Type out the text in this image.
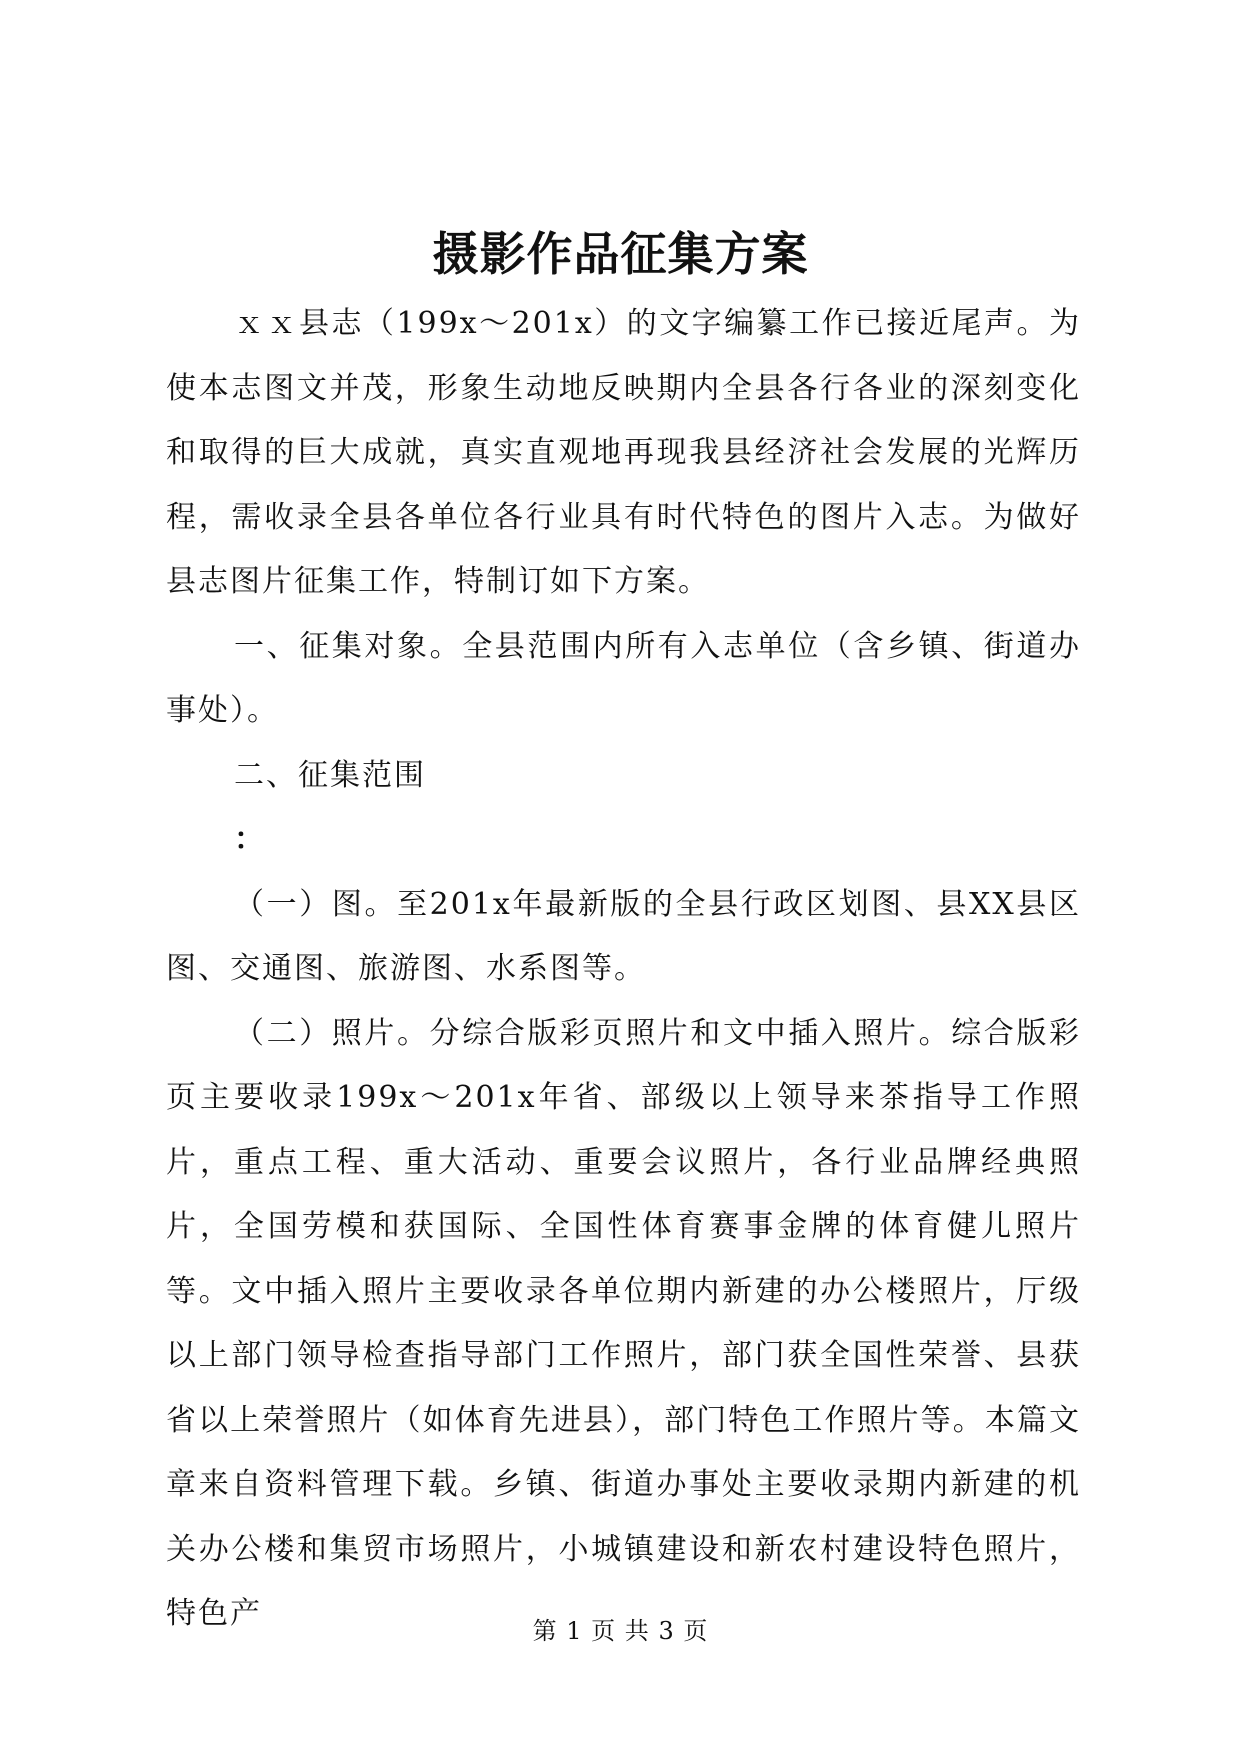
摄影作品征集方案

ｘｘ县志（199x～201x）的文字编纂工作已接近尾声。为使本志图文并茂，形象生动地反映期内全县各行各业的深刻变化和取得的巨大成就，真实直观地再现我县经济社会发展的光辉历程，需收录全县各单位各行业具有时代特色的图片入志。为做好县志图片征集工作，特制订如下方案。

一、征集对象。全县范围内所有入志单位（含乡镇、街道办事处）。

二、征集范围

：

（一）图。至201x年最新版的全县行政区划图、县XX县区图、交通图、旅游图、水系图等。

（二）照片。分综合版彩页照片和文中插入照片。综合版彩页主要收录199x～201x年省、部级以上领导来茶指导工作照片，重点工程、重大活动、重要会议照片，各行业品牌经典照片，全国劳模和获国际、全国性体育赛事金牌的体育健儿照片等。文中插入照片主要收录各单位期内新建的办公楼照片，厅级以上部门领导检查指导部门工作照片，部门获全国性荣誉、县获省以上荣誉照片（如体育先进县），部门特色工作照片等。本篇文章来自资料管理下载。乡镇、街道办事处主要收录期内新建的机关办公楼和集贸市场照片，小城镇建设和新农村建设特色照片，特色产	第 1 页 共 3 页
